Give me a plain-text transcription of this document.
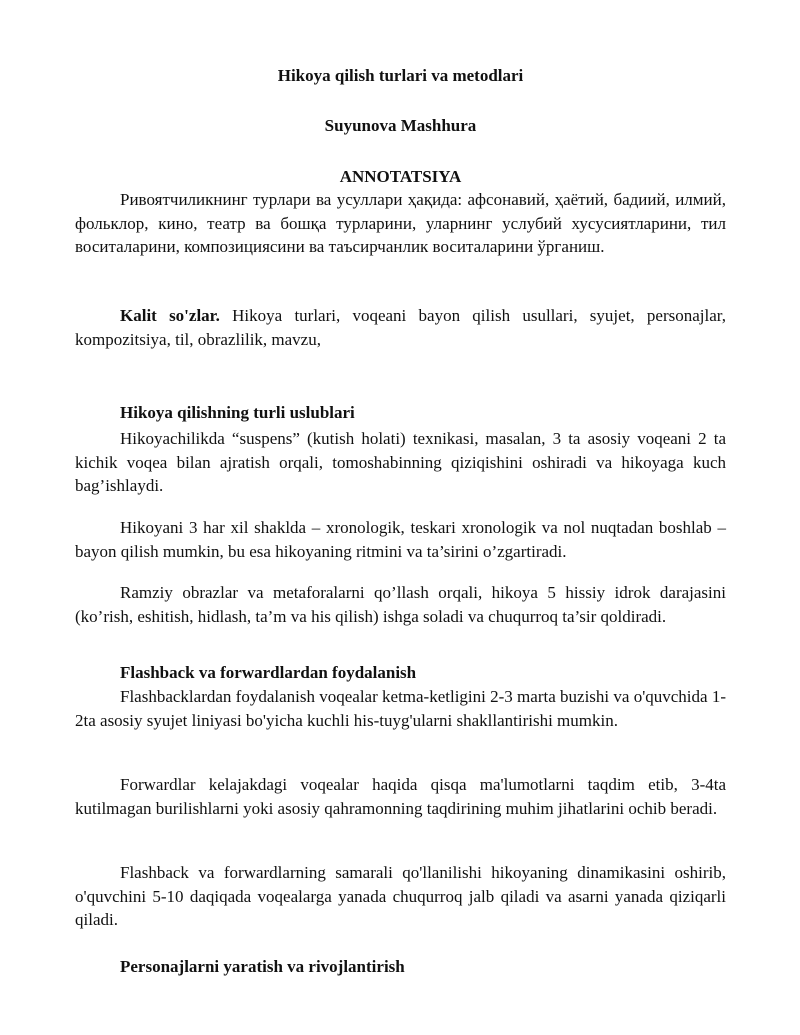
Hikoya qilish turlari va metodlari

Suyunova Mashhura

ANNOTATSIYA

Ривоятчиликнинг турлари ва усуллари ҳақида: афсонавий, ҳаётий, бадиий, илмий, фольклор, кино, театр ва бошқа турларини, уларнинг услубий хусусиятларини, тил воситаларини, композициясини ва таъсирчанлик воситаларини ўрганиш.

Kalit so'zlar. Hikoya turlari, voqeani bayon qilish usullari, syujet, personajlar, kompozitsiya, til, obrazlilik, mavzu,

Hikoya qilishning turli uslublari

Hikoyachilikda “suspens” (kutish holati) texnikasi, masalan, 3 ta asosiy voqeani 2 ta kichik voqea bilan ajratish orqali, tomoshabinning qiziqishini oshiradi va hikoyaga kuch bag’ishlaydi.

Hikoyani 3 har xil shaklda – xronologik, teskari xronologik va nol nuqtadan boshlab – bayon qilish mumkin, bu esa hikoyaning ritmini va ta’sirini o’zgartiradi.

Ramziy obrazlar va metaforalarni qo’llash orqali, hikoya 5 hissiy idrok darajasini (ko’rish, eshitish, hidlash, ta’m va his qilish) ishga soladi va chuqurroq ta’sir qoldiradi.

Flashback va forwardlardan foydalanish

Flashbacklardan foydalanish voqealar ketma-ketligini 2-3 marta buzishi va o'quvchida 1-2ta asosiy syujet liniyasi bo'yicha kuchli his-tuyg'ularni shakllantirishi mumkin.

Forwardlar kelajakdagi voqealar haqida qisqa ma'lumotlarni taqdim etib, 3-4ta kutilmagan burilishlarni yoki asosiy qahramonning taqdirining muhim jihatlarini ochib beradi.

Flashback va forwardlarning samarali qo'llanilishi hikoyaning dinamikasini oshirib, o'quvchini 5-10 daqiqada voqealarga yanada chuqurroq jalb qiladi va asarni yanada qiziqarli qiladi.

Personajlarni yaratish va rivojlantirish
